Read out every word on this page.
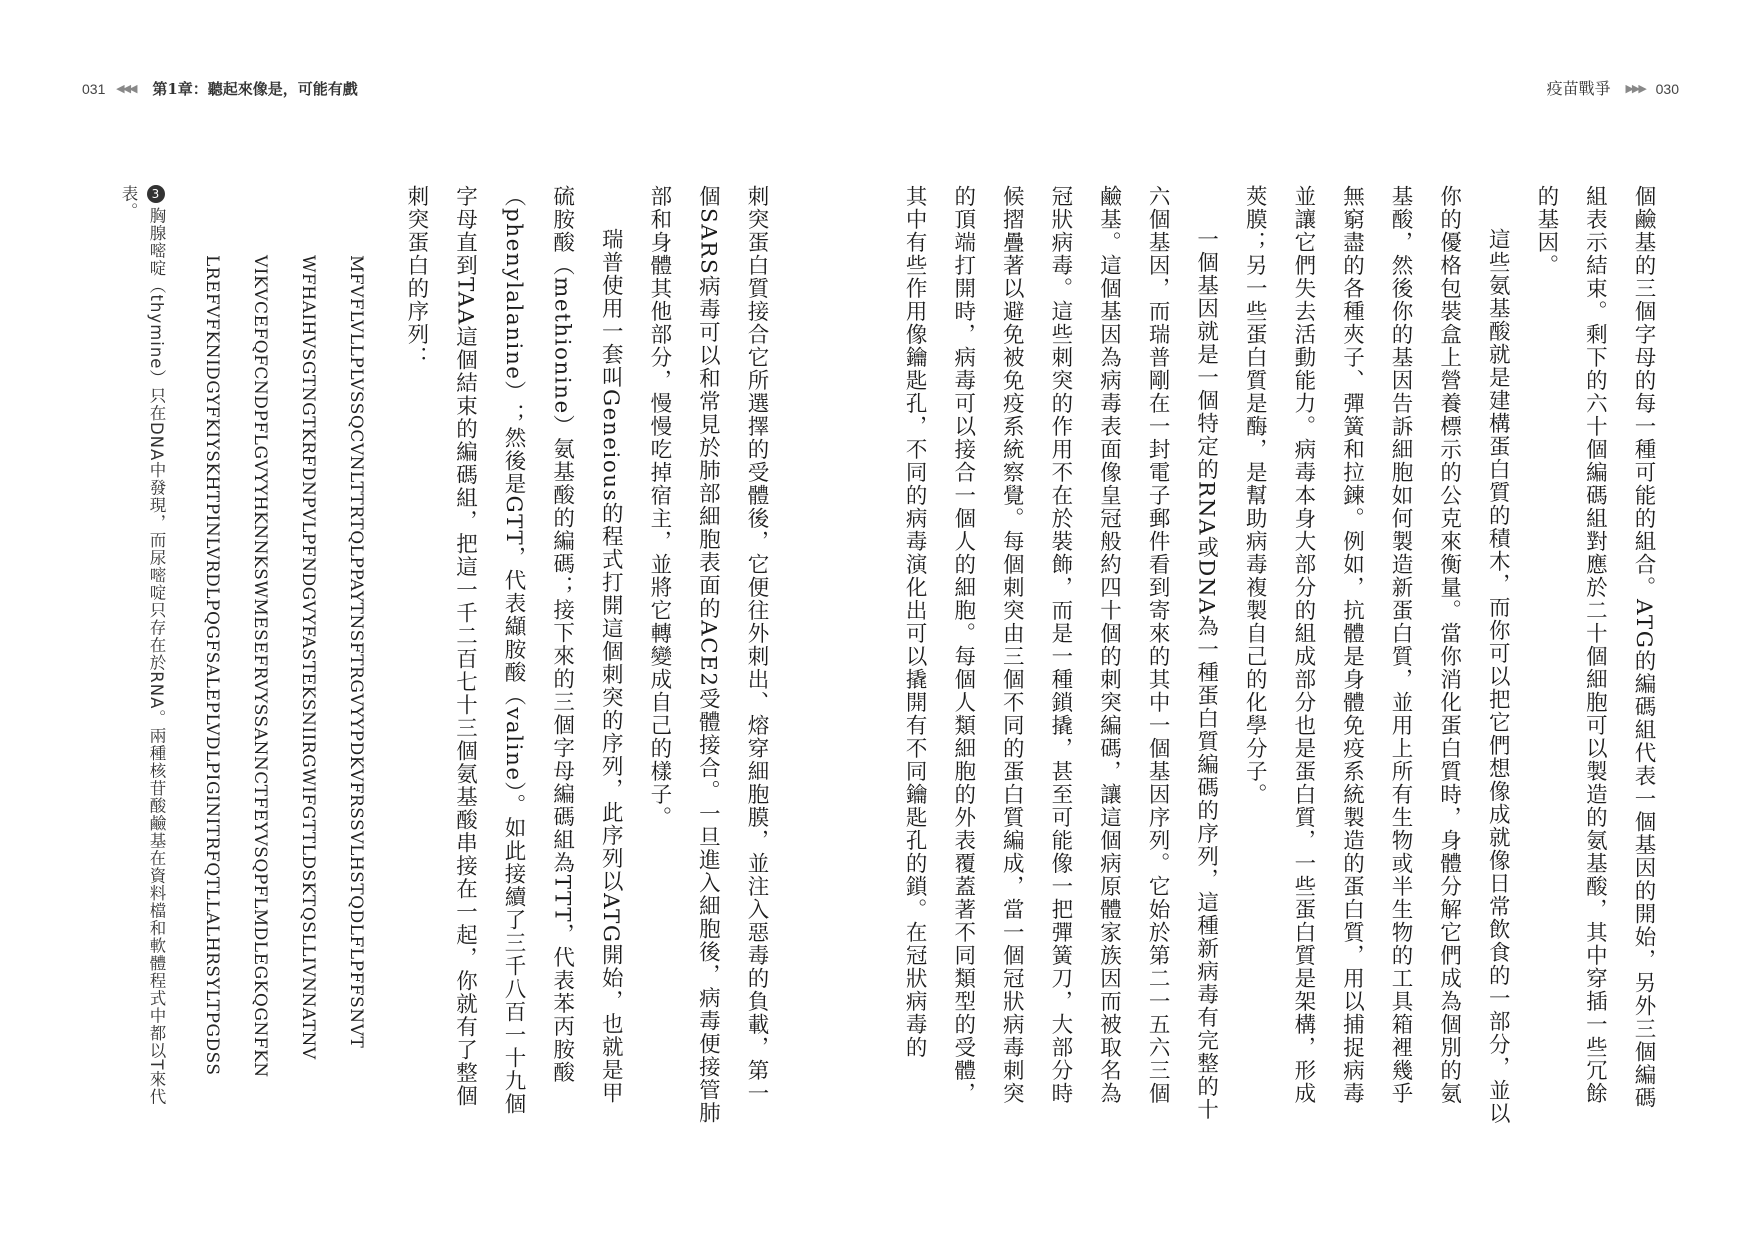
031 ◀◀◀ 第1章：聽起來像是，可能有戲	疫苗戰爭 ▶▶▶ 030

個鹼基的三個字母的每一種可能的組合。ATG的編碼組代表一個基因的開始，另外三個編碼組表示結束。剩下的六十個編碼組對應於二十個細胞可以製造的氨基酸，其中穿插一些冗餘的基因。

這些氨基酸就是建構蛋白質的積木，而你可以把它們想像成就像日常飲食的一部分，並以你的優格包裝盒上營養標示的公克來衡量。當你消化蛋白質時，身體分解它們成為個別的氨基酸，然後你的基因告訴細胞如何製造新蛋白質，並用上所有生物或半生物的工具箱裡幾乎無窮盡的各種夾子、彈簧和拉鍊。例如，抗體是身體免疫系統製造的蛋白質，用以捕捉病毒並讓它們失去活動能力。病毒本身大部分的組成部分也是蛋白質，一些蛋白質是架構，形成莢膜；另一些蛋白質是酶，是幫助病毒複製自己的化學分子。

一個基因就是一個特定的RNA或DNA為一種蛋白質編碼的序列，這種新病毒有完整的十六個基因，而瑞普剛在一封電子郵件看到寄來的其中一個基因序列。它始於第二一五六三個鹼基。這個基因為病毒表面像皇冠般約四十個的刺突編碼，讓這個病原體家族因而被取名為冠狀病毒。這些刺突的作用不在於裝飾，而是一種鎖撬，甚至可能像一把彈簧刀，大部分時候摺疊著以避免被免疫系統察覺。每個刺突由三個不同的蛋白質編成，當一個冠狀病毒刺突的頂端打開時，病毒可以接合一個人的細胞。每個人類細胞的外表覆蓋著不同類型的受體，其中有些作用像鑰匙孔，不同的病毒演化出可以撬開有不同鑰匙孔的鎖。在冠狀病毒的

刺突蛋白質接合它所選擇的受體後，它便往外刺出、熔穿細胞膜，並注入惡毒的負載，第一個SARS病毒可以和常見於肺部細胞表面的ACE2受體接合。一旦進入細胞後，病毒便接管肺部和身體其他部分，慢慢吃掉宿主，並將它轉變成自己的樣子。

瑞普使用一套叫Geneious的程式打開這個刺突的序列，此序列以ATG開始，也就是甲硫胺酸（methionine）氨基酸的編碼；接下來的三個字母編碼組為TTT，代表苯丙胺酸（phenylalanine）；然後是GTT，代表纈胺酸（valine）。如此接續了三千八百一十九個字母直到TAA這個結束的編碼組，把這一千二百七十三個氨基酸串接在一起，你就有了整個刺突蛋白的序列：

MFVFLVLLPLVSSQCVNLTTRTQLPPAYTNSFTRGVYYPDKVFRSSVLHSTQDLFLPFFSNVT
WFHAIHVSGTNGTKRFDNPVLPFNDGVYFASTEKSNIIRGWIFGTTLDSKTQSLLIVNNATNV
VIKVCEFQFCNDPFLGVYYHKNNKSWMESEFRVYSSANNCTFEYVSQPFLMDLEGKQGNFKN
LREFVFKNIDGYFKIYSKHTPINLVRDLPQGFSALEPLVDLPIGINITRFQTLLALHRSYLTPGDSS
3胸腺嘧啶（thymine）只在DNA中發現，而尿嘧啶只存在於RNA。兩種核苷酸鹼基在資料檔和軟體程式中都以T來代表。
